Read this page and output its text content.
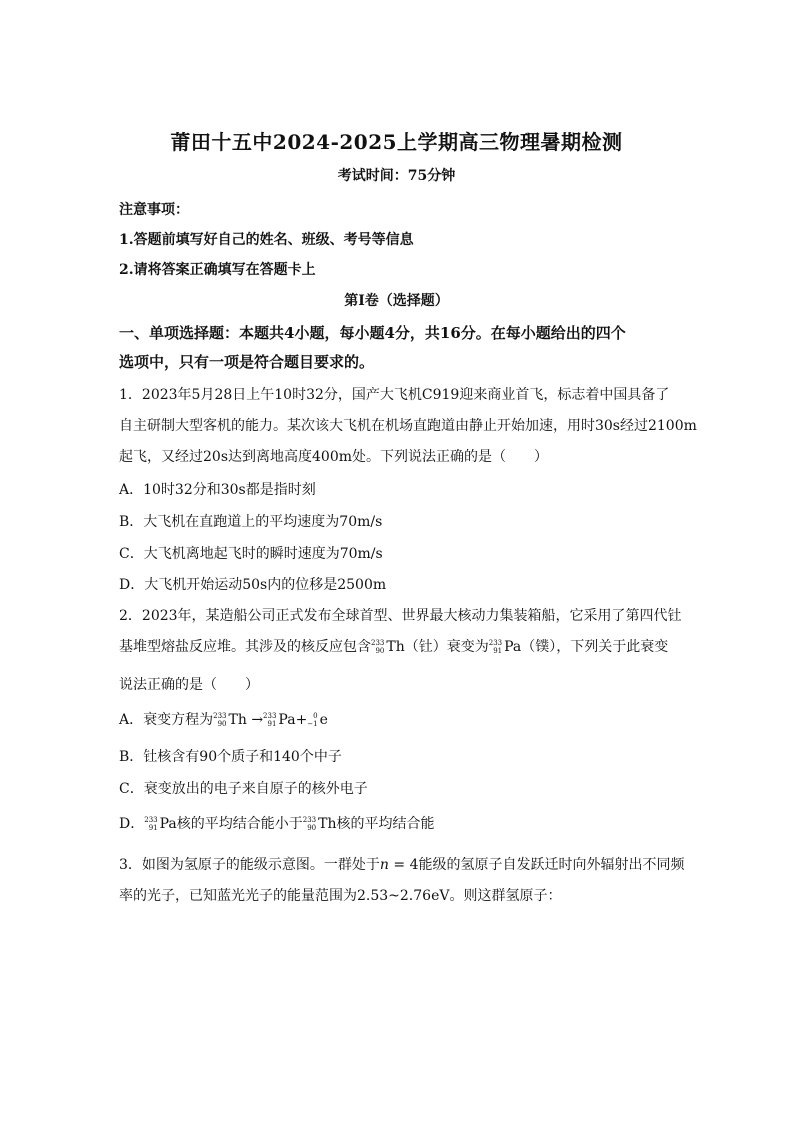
莆田十五中2024-2025上学期高三物理暑期检测
考试时间：75分钟
注意事项：
1.答题前填写好自己的姓名、班级、考号等信息
2.请将答案正确填写在答题卡上
第I卷（选择题）
一、单项选择题：本题共4小题，每小题4分，共16分。在每小题给出的四个
选项中，只有一项是符合题目要求的。
1．2023年5月28日上午10时32分，国产大飞机C919迎来商业首飞，标志着中国具备了
自主研制大型客机的能力。某次该大飞机在机场直跑道由静止开始加速，用时30s经过2100m
起飞，又经过20s达到离地高度400m处。下列说法正确的是（　　）
A．10时32分和30s都是指时刻
B．大飞机在直跑道上的平均速度为70m/s
C．大飞机离地起飞时的瞬时速度为70m/s
D．大飞机开始运动50s内的位移是2500m
2．2023年，某造船公司正式发布全球首型、世界最大核动力集装箱船，它采用了第四代钍
基堆型熔盐反应堆。其涉及的核反应包含 233
90 Th （钍）衰变为 233
91 Pa （镤），下列关于此衰变
说法正确的是（　　）
A．衰变方程为 233
90 Th → 233
91 Pa + 0
−1 e
B．钍核含有90个质子和140个中子
C．衰变放出的电子来自原子的核外电子
D． 233
91 Pa 核的平均结合能小于 233
90 Th 核的平均结合能
3．如图为氢原子的能级示意图。一群处于n = 4能级的氢原子自发跃迁时向外辐射出不同频
率的光子，已知蓝光光子的能量范围为2.53~2.76eV。则这群氢原子：
